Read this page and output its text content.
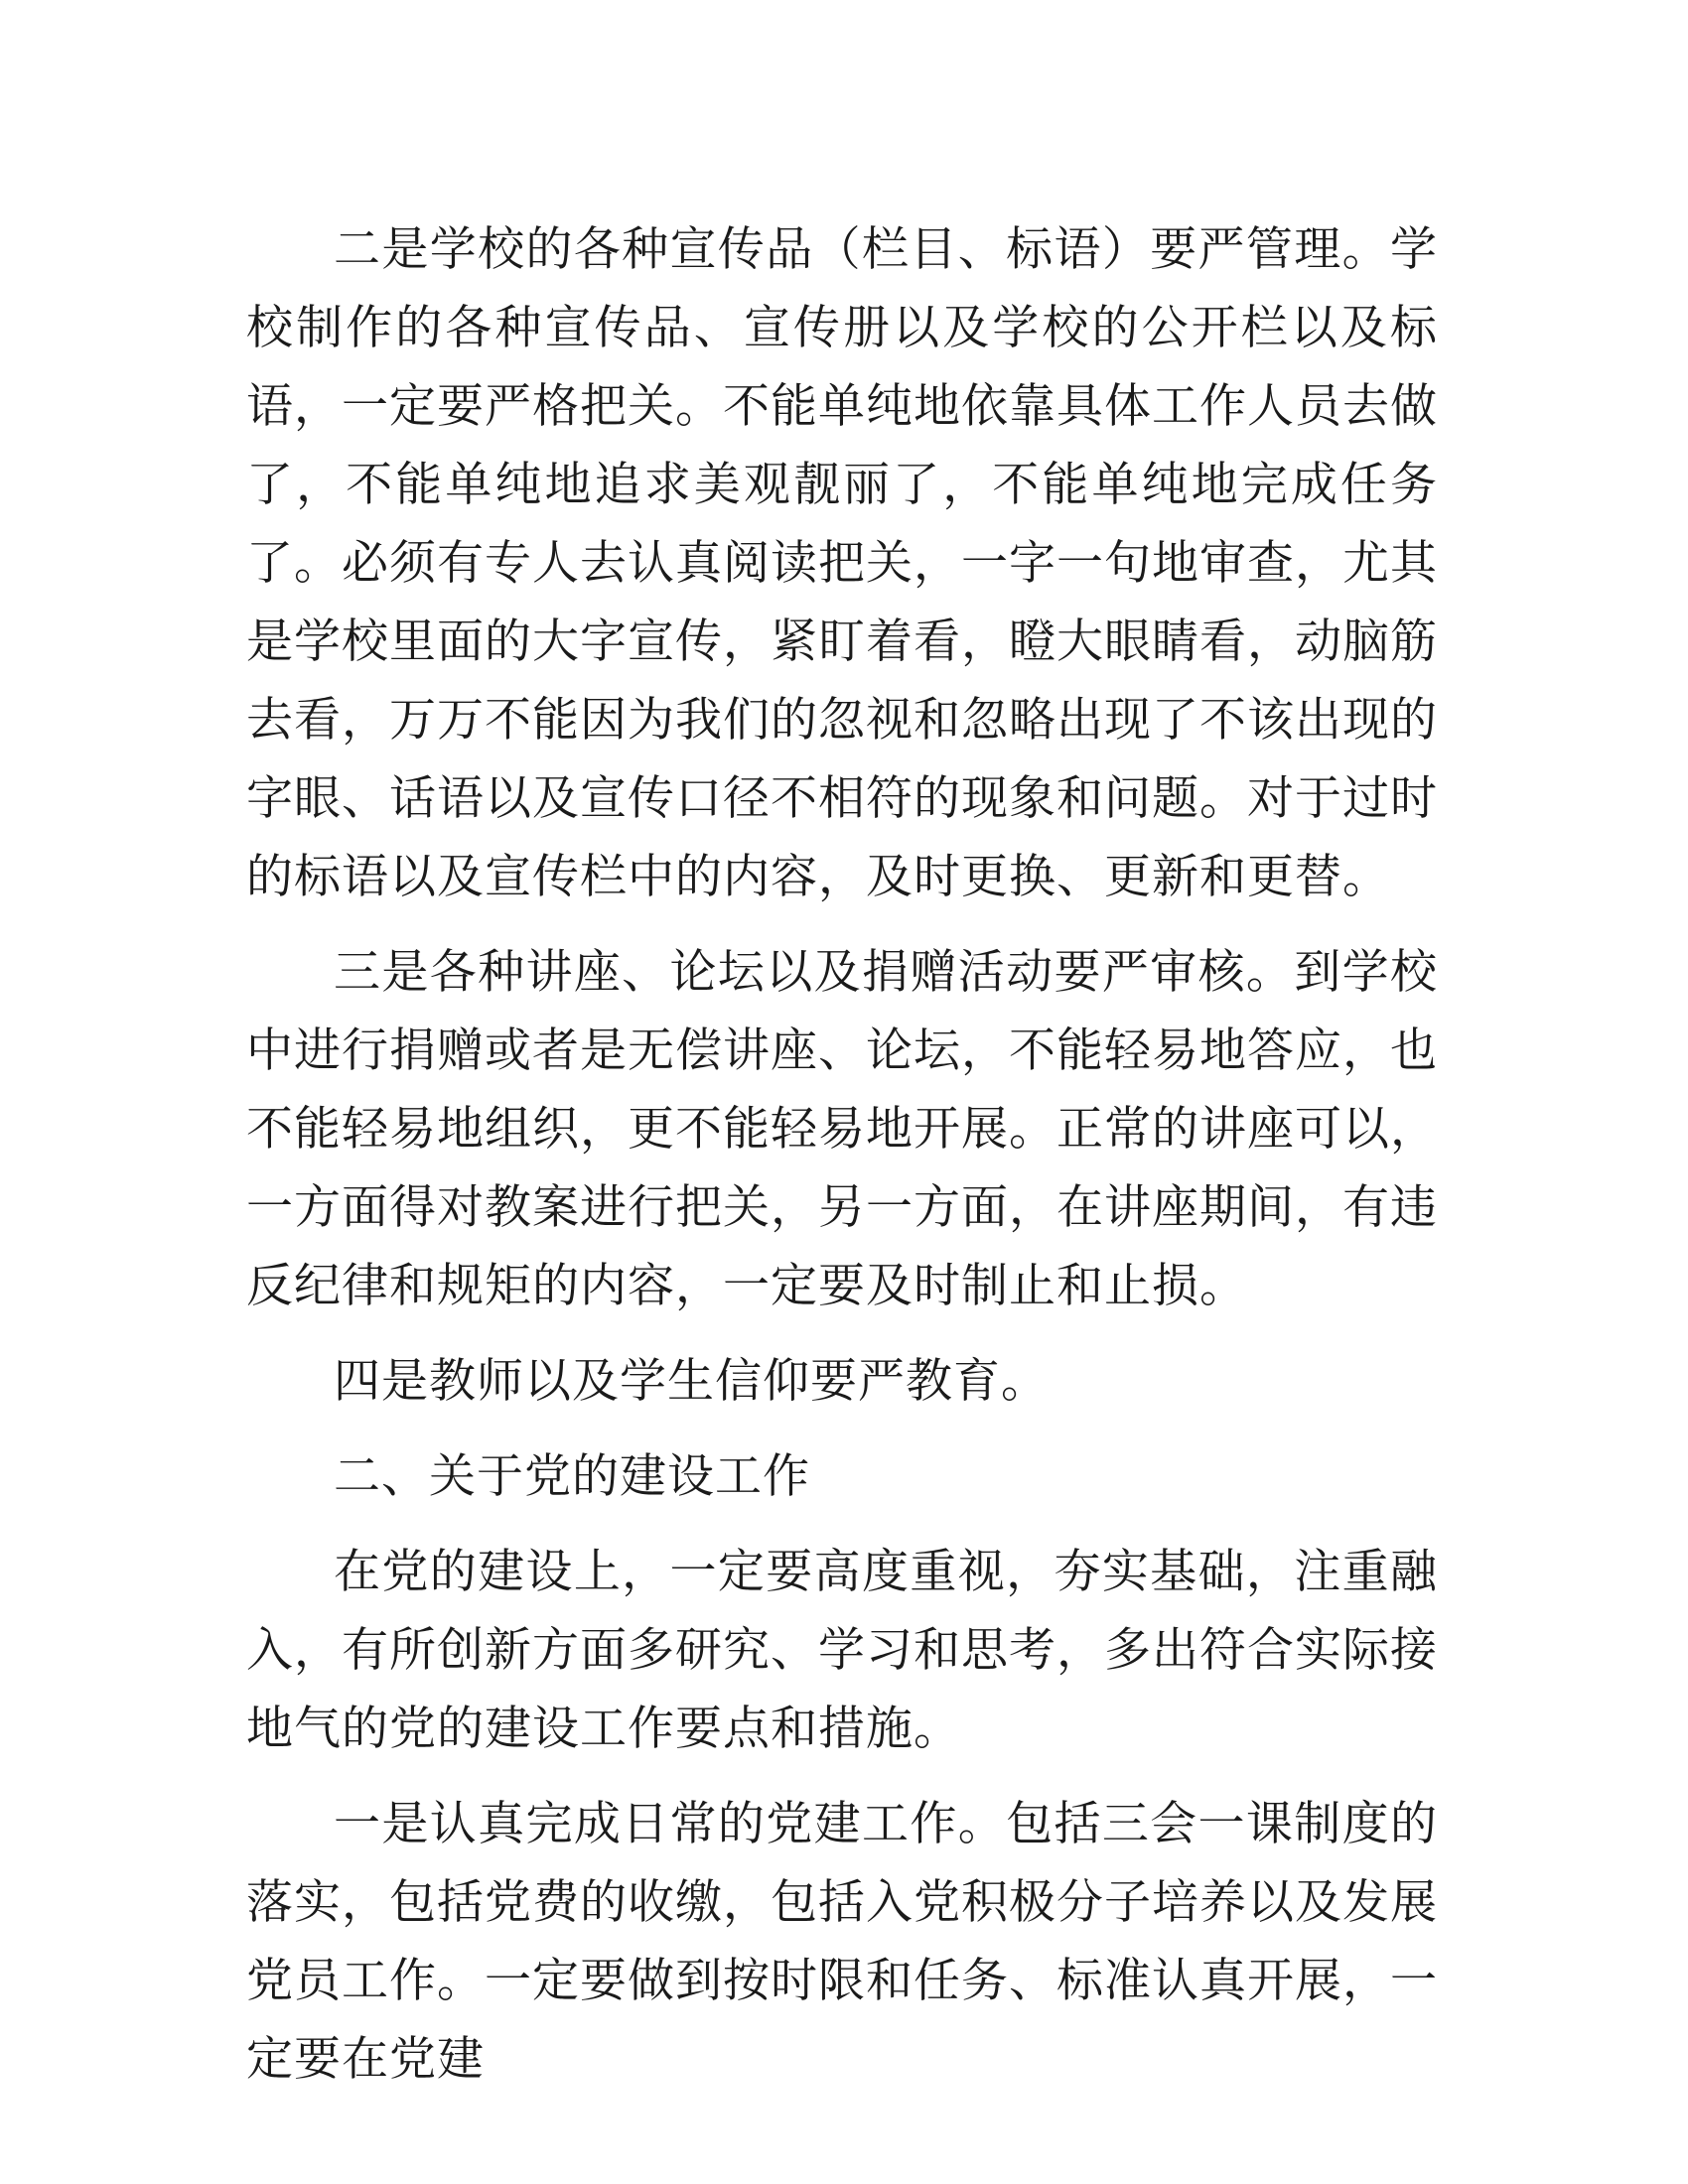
二是学校的各种宣传品（栏目、标语）要严管理。学校制作的各种宣传品、宣传册以及学校的公开栏以及标语，一定要严格把关。不能单纯地依靠具体工作人员去做了，不能单纯地追求美观靓丽了，不能单纯地完成任务了。必须有专人去认真阅读把关，一字一句地审查，尤其是学校里面的大字宣传，紧盯着看，瞪大眼睛看，动脑筋去看，万万不能因为我们的忽视和忽略出现了不该出现的字眼、话语以及宣传口径不相符的现象和问题。对于过时的标语以及宣传栏中的内容，及时更换、更新和更替。

三是各种讲座、论坛以及捐赠活动要严审核。到学校中进行捐赠或者是无偿讲座、论坛，不能轻易地答应，也不能轻易地组织，更不能轻易地开展。正常的讲座可以，一方面得对教案进行把关，另一方面，在讲座期间，有违反纪律和规矩的内容，一定要及时制止和止损。

四是教师以及学生信仰要严教育。

二、关于党的建设工作

在党的建设上，一定要高度重视，夯实基础，注重融入，有所创新方面多研究、学习和思考，多出符合实际接地气的党的建设工作要点和措施。

一是认真完成日常的党建工作。包括三会一课制度的落实，包括党费的收缴，包括入党积极分子培养以及发展党员工作。一定要做到按时限和任务、标准认真开展，一定要在党建
